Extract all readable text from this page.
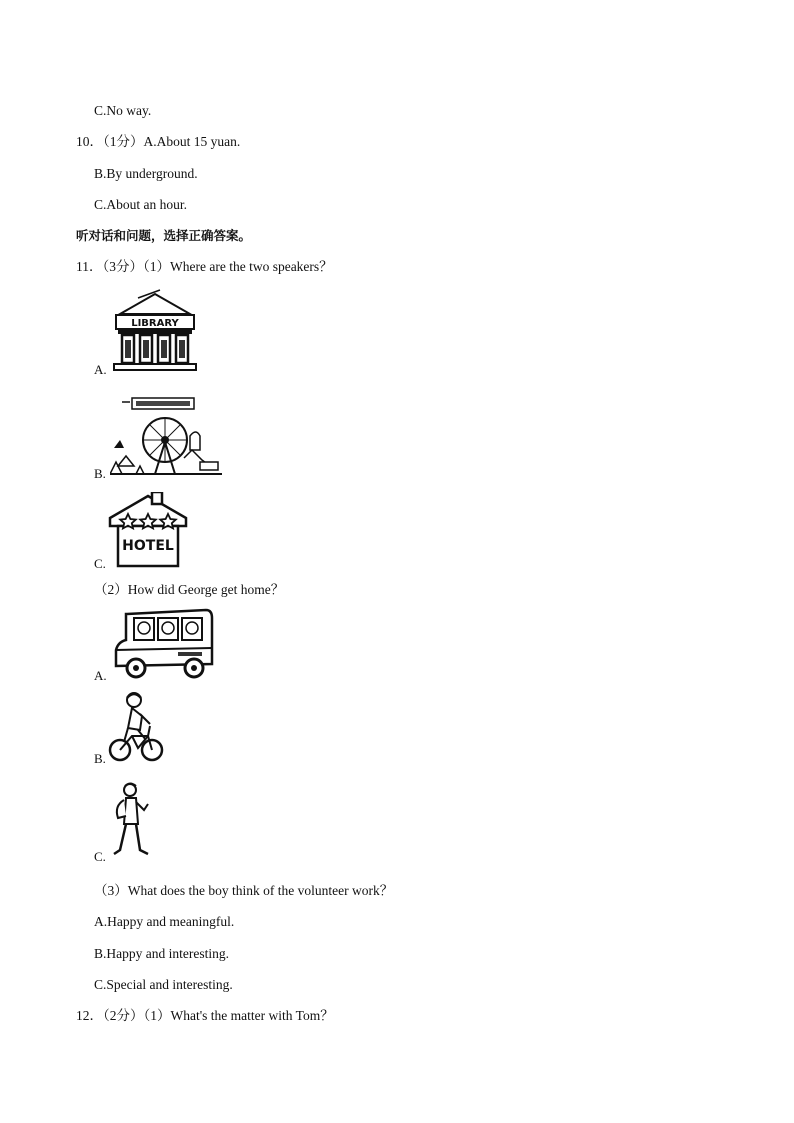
C.No way.
10．（1分）A.About 15 yuan.
B.By underground.
C.About an hour.
听对话和问题，选择正确答案。
11．（3分）（1）Where are the two speakers？
A.
LIBRARY
B.
C.
HOTEL
（2）How did George get home？
A.
B.
C.
（3）What does the boy think of the volunteer work？
A.Happy and meaningful.
B.Happy and interesting.
C.Special and interesting.
12．（2分）（1）What's the matter with Tom？
